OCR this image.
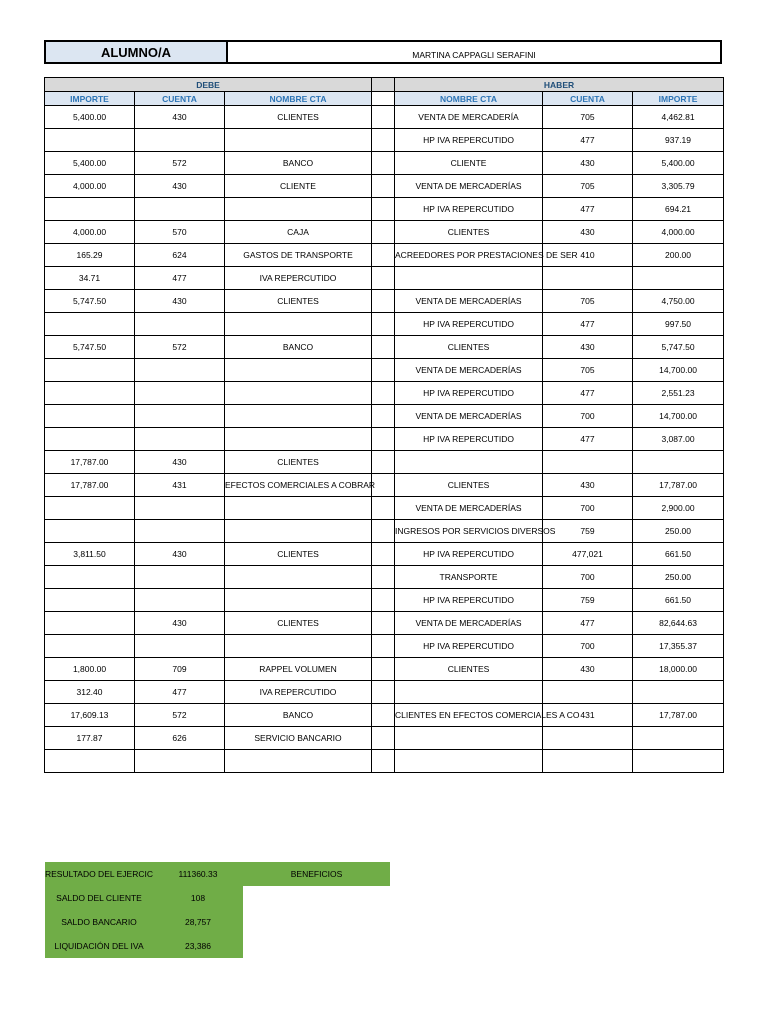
ALUMNO/A	MARTINA CAPPAGLI SERAFINI
DEBE				HABER		
IMPORTE	CUENTA	NOMBRE CTA		NOMBRE CTA	CUENTA	IMPORTE
5,400.00	430	CLIENTES		VENTA DE MERCADERÍA	705	4,462.81
				HP IVA REPERCUTIDO	477	937.19
5,400.00	572	BANCO		CLIENTE	430	5,400.00
4,000.00	430	CLIENTE		VENTA DE MERCADERÍAS	705	3,305.79
				HP IVA REPERCUTIDO	477	694.21
4,000.00	570	CAJA		CLIENTES	430	4,000.00
165.29	624	GASTOS DE TRANSPORTE		ACREEDORES POR PRESTACIONES DE SER	410	200.00
34.71	477	IVA REPERCUTIDO				
5,747.50	430	CLIENTES		VENTA DE MERCADERÍAS	705	4,750.00
				HP IVA REPERCUTIDO	477	997.50
5,747.50	572	BANCO		CLIENTES	430	5,747.50
				VENTA DE MERCADERÍAS	705	14,700.00
				HP IVA REPERCUTIDO	477	2,551.23
				VENTA DE MERCADERÍAS	700	14,700.00
				HP IVA REPERCUTIDO	477	3,087.00
17,787.00	430	CLIENTES				
17,787.00	431	EFECTOS COMERCIALES A COBRAR		CLIENTES	430	17,787.00
				VENTA DE MERCADERÍAS	700	2,900.00
				INGRESOS POR SERVICIOS DIVERSOS	759	250.00
3,811.50	430	CLIENTES		HP IVA REPERCUTIDO	477,021	661.50
				TRANSPORTE	700	250.00
				HP IVA REPERCUTIDO	759	661.50
	430	CLIENTES		VENTA DE MERCADERÍAS	477	82,644.63
				HP IVA REPERCUTIDO	700	17,355.37
1,800.00	709	RAPPEL VOLUMEN		CLIENTES	430	18,000.00
312.40	477	IVA REPERCUTIDO				
17,609.13	572	BANCO		CLIENTES EN EFECTOS COMERCIALES A CO	431	17,787.00
177.87	626	SERVICIO BANCARIO				

RESULTADO DEL EJERCIC	111360.33	BENEFICIOS
SALDO DEL CLIENTE	108	
SALDO BANCARIO	28,757	
LIQUIDACIÓN DEL IVA	23,386	
